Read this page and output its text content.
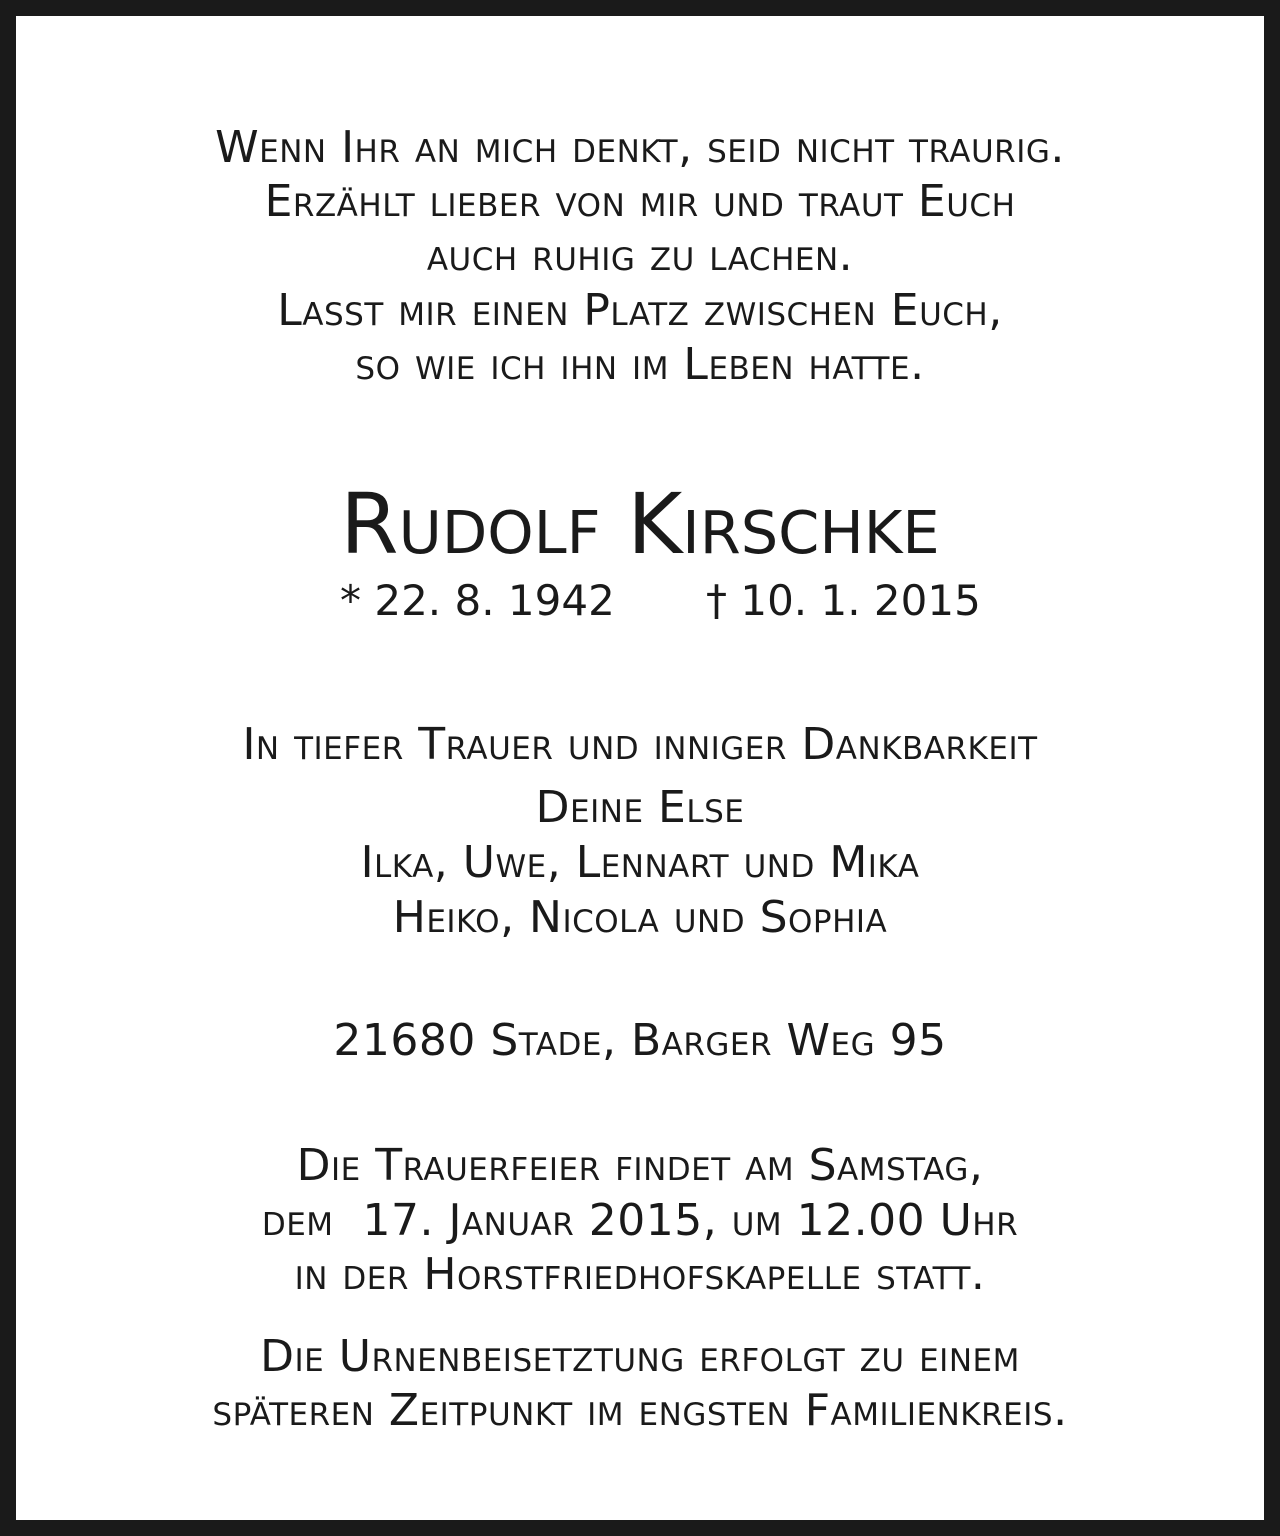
Wenn Ihr an mich denkt, seid nicht traurig.
Erzählt lieber von mir und traut Euch
auch ruhig zu lachen.
Lasst mir einen Platz zwischen Euch,
so wie ich ihn im Leben hatte.
Rudolf Kirschke
* 22. 8. 1942 † 10. 1. 2015
In tiefer Trauer und inniger Dankbarkeit
Deine Else
Ilka, Uwe, Lennart und Mika
Heiko, Nicola und Sophia
21680 Stade, Barger Weg 95
Die Trauerfeier findet am Samstag,
dem  17. Januar 2015, um 12.00 Uhr
in der Horstfriedhofskapelle statt.
Die Urnenbeisetztung erfolgt zu einem
späteren Zeitpunkt im engsten Familienkreis.
